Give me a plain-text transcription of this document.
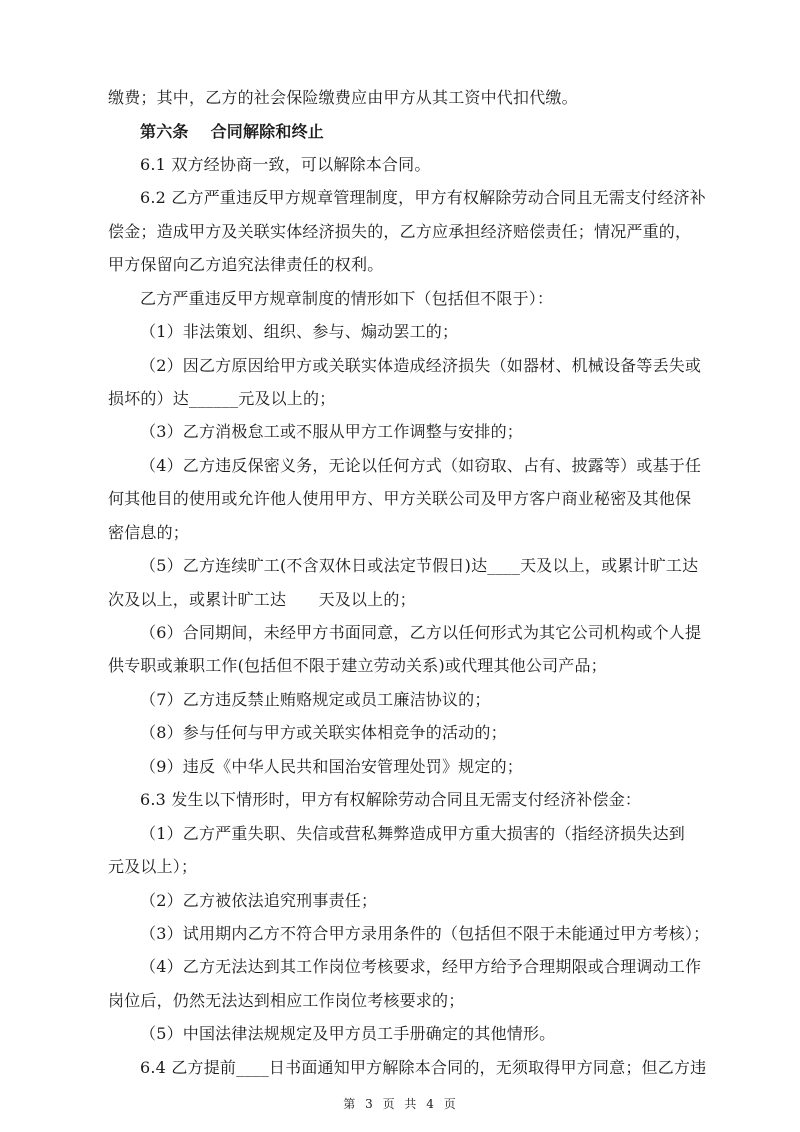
缴费；其中，乙方的社会保险缴费应由甲方从其工资中代扣代缴。
第六条　 合同解除和终止
6.1 双方经协商一致，可以解除本合同。
6.2 乙方严重违反甲方规章管理制度，甲方有权解除劳动合同且无需支付经济补
偿金；造成甲方及关联实体经济损失的，乙方应承担经济赔偿责任；情况严重的，
甲方保留向乙方追究法律责任的权利。
乙方严重违反甲方规章制度的情形如下（包括但不限于）：
（1）非法策划、组织、参与、煽动罢工的；
（2）因乙方原因给甲方或关联实体造成经济损失（如器材、机械设备等丢失或
损坏的）达______元及以上的；
（3）乙方消极怠工或不服从甲方工作调整与安排的；
（4）乙方违反保密义务，无论以任何方式（如窃取、占有、披露等）或基于任
何其他目的使用或允许他人使用甲方、甲方关联公司及甲方客户商业秘密及其他保
密信息的；
（5）乙方连续旷工(不含双休日或法定节假日)达____天及以上，或累计旷工达
次及以上，或累计旷工达　　天及以上的；
（6）合同期间，未经甲方书面同意，乙方以任何形式为其它公司机构或个人提
供专职或兼职工作(包括但不限于建立劳动关系)或代理其他公司产品；
（7）乙方违反禁止贿赂规定或员工廉洁协议的；
（8）参与任何与甲方或关联实体相竞争的活动的；
（9）违反《中华人民共和国治安管理处罚》规定的；
6.3 发生以下情形时，甲方有权解除劳动合同且无需支付经济补偿金：
（1）乙方严重失职、失信或营私舞弊造成甲方重大损害的（指经济损失达到
元及以上）；
（2）乙方被依法追究刑事责任；
（3）试用期内乙方不符合甲方录用条件的（包括但不限于未能通过甲方考核）；
（4）乙方无法达到其工作岗位考核要求，经甲方给予合理期限或合理调动工作
岗位后，仍然无法达到相应工作岗位考核要求的；
（5）中国法律法规规定及甲方员工手册确定的其他情形。
6.4 乙方提前____日书面通知甲方解除本合同的，无须取得甲方同意；但乙方违
第 3 页 共 4 页
